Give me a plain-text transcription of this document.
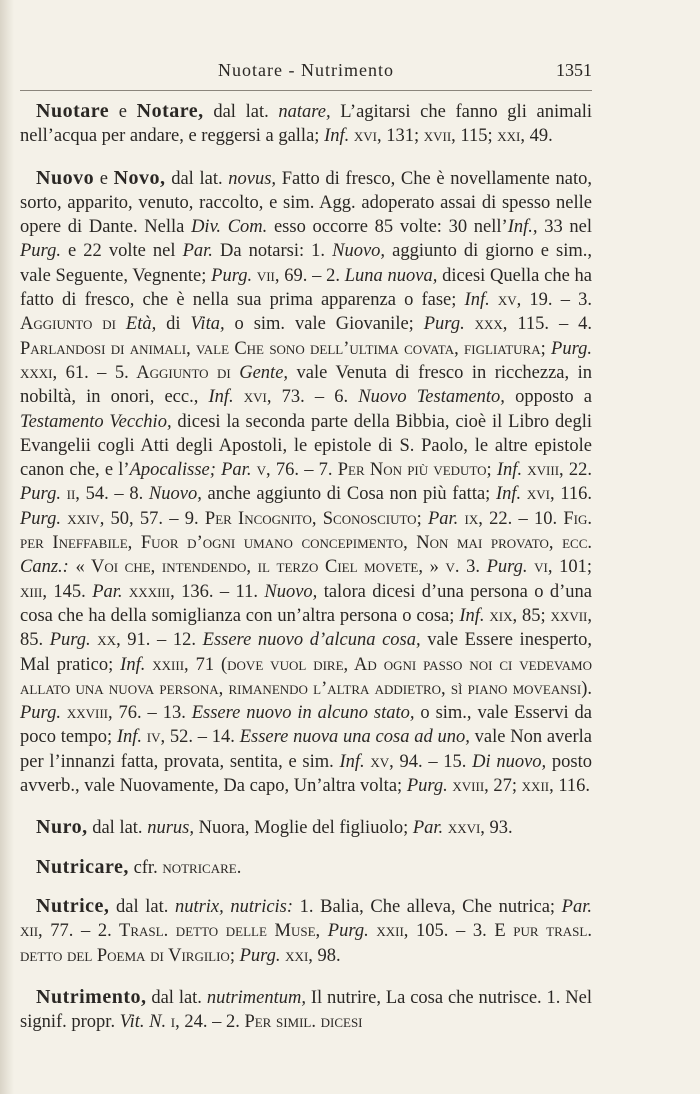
Nuotare - Nutrimento	1351

Nuotare e Notare, dal lat. natare, L’agitarsi che fanno gli animali nell’acqua per andare, e reggersi a galla; Inf. xvi, 131; xvii, 115; xxi, 49.

Nuovo e Novo, dal lat. novus, Fatto di fresco, Che è novellamente nato, sorto, apparito, venuto, raccolto, e sim. Agg. adoperato assai di spesso nelle opere di Dante. Nella Div. Com. esso occorre 85 volte: 30 nell’Inf., 33 nel Purg. e 22 volte nel Par. Da notarsi: 1. Nuovo, aggiunto di giorno e sim., vale Seguente, Vegnente; Purg. vii, 69. – 2. Luna nuova, dicesi Quella che ha fatto di fresco, che è nella sua prima apparenza o fase; Inf. xv, 19. – 3. Aggiunto di Età, di Vita, o sim. vale Giovanile; Purg. xxx, 115. – 4. Parlandosi di animali, vale Che sono dell’ultima covata, figliatura; Purg. xxxi, 61. – 5. Aggiunto di Gente, vale Venuta di fresco in ricchezza, in nobiltà, in onori, ecc., Inf. xvi, 73. – 6. Nuovo Testamento, opposto a Testamento Vecchio, dicesi la seconda parte della Bibbia, cioè il Libro degli Evangelii cogli Atti degli Apostoli, le epistole di S. Paolo, le altre epistole canon che, e l’Apocalisse; Par. v, 76. – 7. Per Non più veduto; Inf. xviii, 22. Purg. ii, 54. – 8. Nuovo, anche aggiunto di Cosa non più fatta; Inf. xvi, 116. Purg. xxiv, 50, 57. – 9. Per Incognito, Sconosciuto; Par. ix, 22. – 10. Fig. per Ineffabile, Fuor d’ogni umano concepimento, Non mai provato, ecc. Canz.: « Voi che, intendendo, il terzo Ciel movete, » v. 3. Purg. vi, 101; xiii, 145. Par. xxxiii, 136. – 11. Nuovo, talora dicesi d’una persona o d’una cosa che ha della somiglianza con un’altra persona o cosa; Inf. xix, 85; xxvii, 85. Purg. xx, 91. – 12. Essere nuovo d’alcuna cosa, vale Essere inesperto, Mal pratico; Inf. xxiii, 71 (dove vuol dire, Ad ogni passo noi ci vedevamo allato una nuova persona, rimanendo l’altra addietro, sì piano moveansi). Purg. xxviii, 76. – 13. Essere nuovo in alcuno stato, o sim., vale Esservi da poco tempo; Inf. iv, 52. – 14. Essere nuova una cosa ad uno, vale Non averla per l’innanzi fatta, provata, sentita, e sim. Inf. xv, 94. – 15. Di nuovo, posto avverb., vale Nuovamente, Da capo, Un’altra volta; Purg. xviii, 27; xxii, 116.

Nuro, dal lat. nurus, Nuora, Moglie del figliuolo; Par. xxvi, 93.

Nutricare, cfr. notricare.

Nutrice, dal lat. nutrix, nutricis: 1. Balia, Che alleva, Che nutrica; Par. xii, 77. – 2. Trasl. detto delle Muse, Purg. xxii, 105. – 3. E pur trasl. detto del Poema di Virgilio; Purg. xxi, 98.

Nutrimento, dal lat. nutrimentum, Il nutrire, La cosa che nutrisce. 1. Nel signif. propr. Vit. N. i, 24. – 2. Per simil. dicesi
